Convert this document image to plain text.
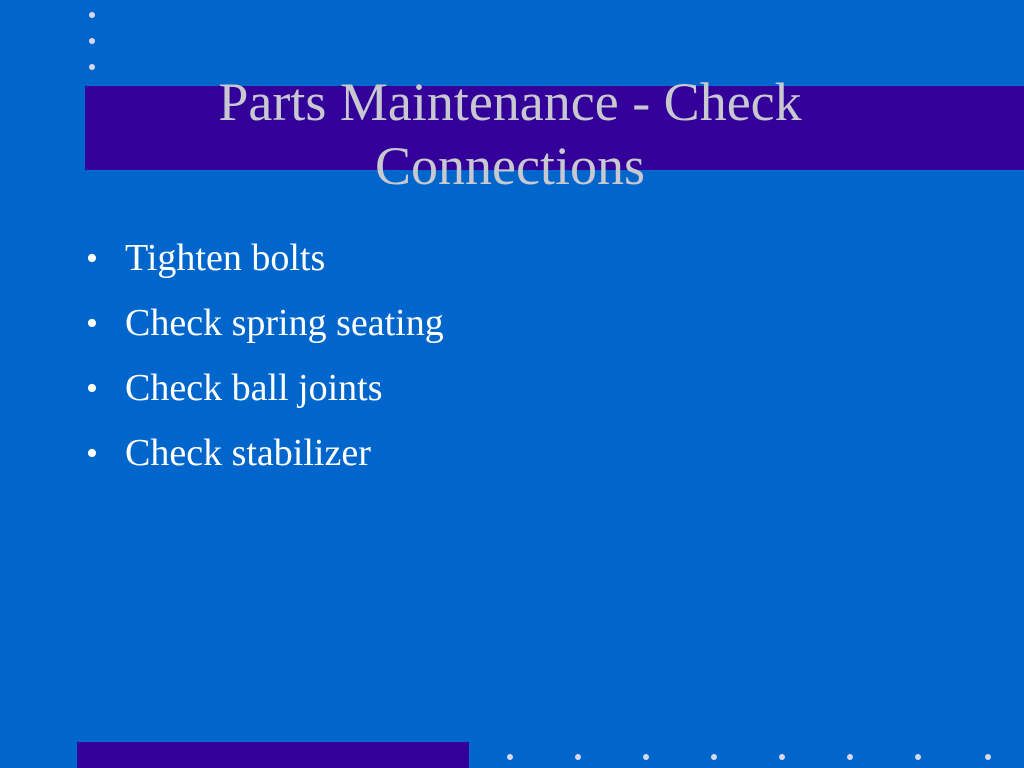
Parts Maintenance - Check Connections
• Tighten bolts
• Check spring seating
• Check ball joints
• Check stabilizer
